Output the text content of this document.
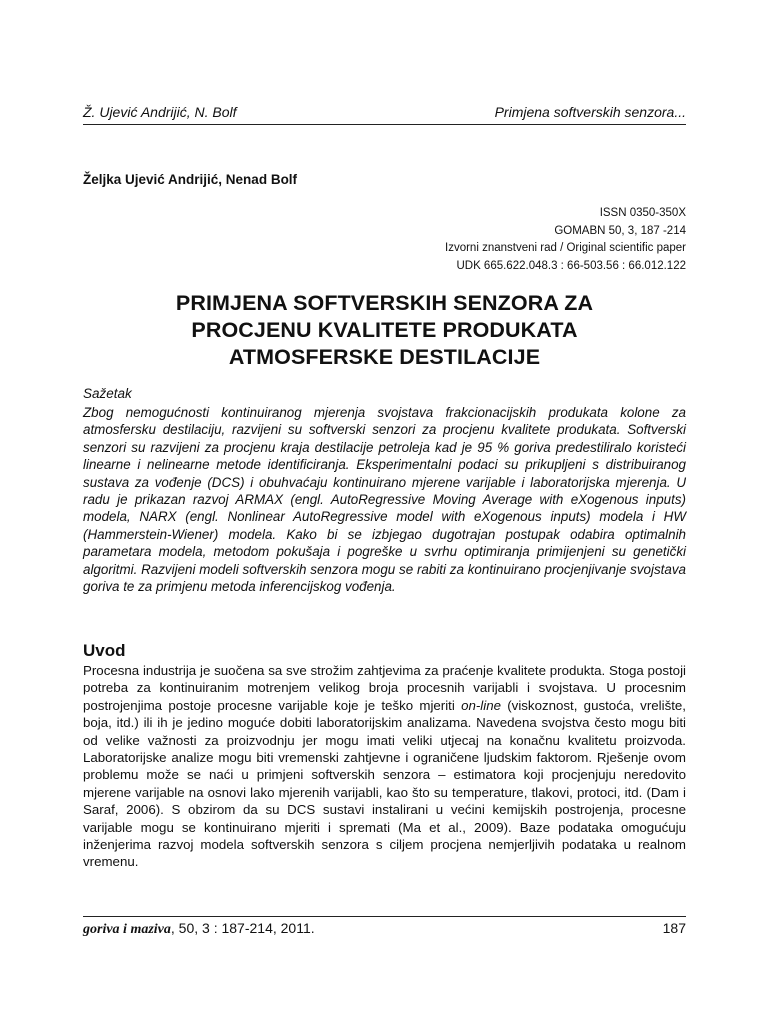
Ž. Ujević Andrijić, N. Bolf	Primjena softverskih senzora...
Željka Ujević Andrijić, Nenad Bolf
ISSN 0350-350X
GOMABN 50, 3, 187 -214
Izvorni znanstveni rad / Original scientific paper
UDK 665.622.048.3 : 66-503.56 : 66.012.122
PRIMJENA SOFTVERSKIH SENZORA ZA
PROCJENU KVALITETE PRODUKATA
ATMOSFERSKE DESTILACIJE
Sažetak

Zbog nemogućnosti kontinuiranog mjerenja svojstava frakcionacijskih produkata kolone za atmosfersku destilaciju, razvijeni su softverski senzori za procjenu kvalitete produkata. Softverski senzori su razvijeni za procjenu kraja destilacije petroleja kad je 95 % goriva predestiliralo koristeći linearne i nelinearne metode identificiranja. Eksperimentalni podaci su prikupljeni s distribuiranog sustava za vođenje (DCS) i obuhvaćaju kontinuirano mjerene varijable i laboratorijska mjerenja. U radu je prikazan razvoj ARMAX (engl. AutoRegressive Moving Average with eXogenous inputs) modela, NARX (engl. Nonlinear AutoRegressive model with eXogenous inputs) modela i HW (Hammerstein-Wiener) modela. Kako bi se izbjegao dugotrajan postupak odabira optimalnih parametara modela, metodom pokušaja i pogreške u svrhu optimiranja primijenjeni su genetički algoritmi. Razvijeni modeli softverskih senzora mogu se rabiti za kontinuirano procjenjivanje svojstava goriva te za primjenu metoda inferencijskog vođenja.

Uvod

Procesna industrija je suočena sa sve strožim zahtjevima za praćenje kvalitete produkta. Stoga postoji potreba za kontinuiranim motrenjem velikog broja procesnih varijabli i svojstava. U procesnim postrojenjima postoje procesne varijable koje je teško mjeriti on-line (viskoznost, gustoća, vrelište, boja, itd.) ili ih je jedino moguće dobiti laboratorijskim analizama. Navedena svojstva često mogu biti od velike važnosti za proizvodnju jer mogu imati veliki utjecaj na konačnu kvalitetu proizvoda. Laboratorijske analize mogu biti vremenski zahtjevne i ograničene ljudskim faktorom. Rješenje ovom problemu može se naći u primjeni softverskih senzora – estimatora koji procjenjuju neredovito mjerene varijable na osnovi lako mjerenih varijabli, kao što su temperature, tlakovi, protoci, itd. (Dam i Saraf, 2006). S obzirom da su DCS sustavi instalirani u većini kemijskih postrojenja, procesne varijable mogu se kontinuirano mjeriti i spremati (Ma et al., 2009). Baze podataka omogućuju inženjerima razvoj modela softverskih senzora s ciljem procjena nemjerljivih podataka u realnom vremenu.

goriva i maziva, 50, 3 : 187-214, 2011.	187
